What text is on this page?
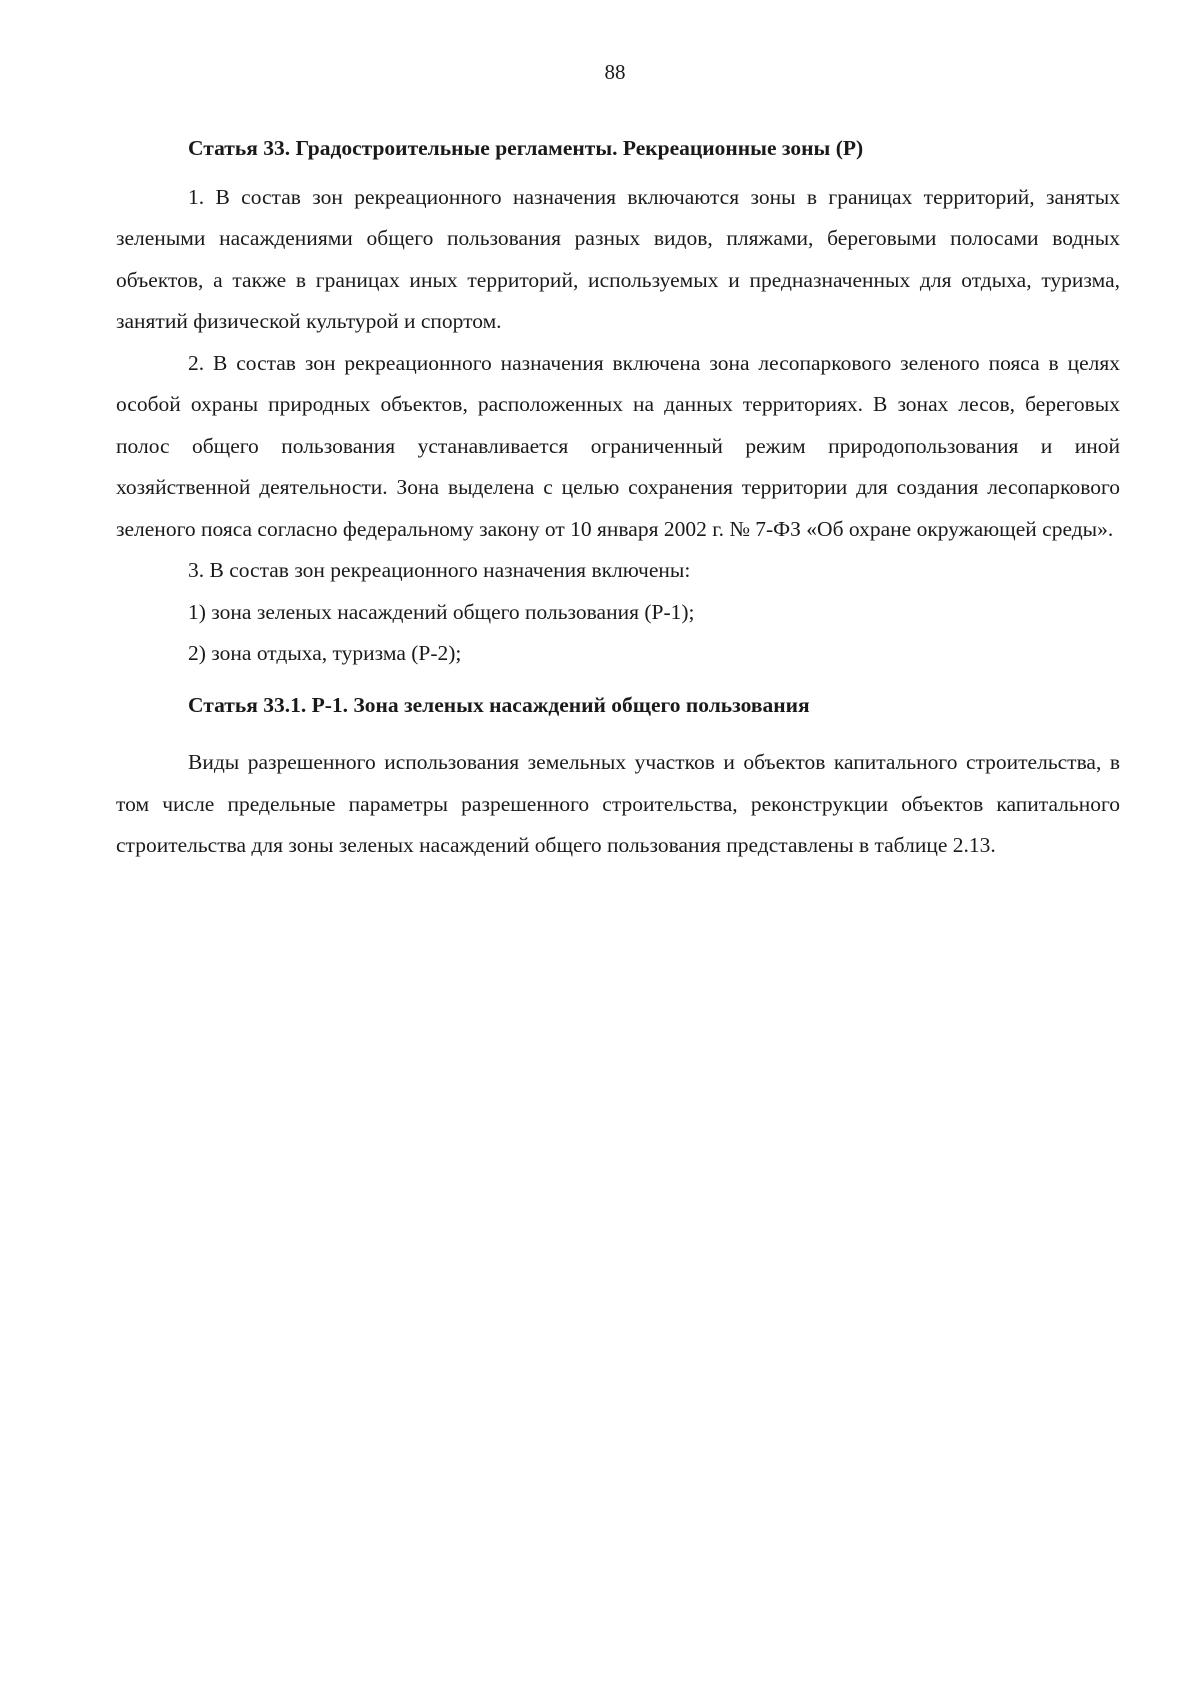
88

Статья 33. Градостроительные регламенты. Рекреационные зоны (Р)

1. В состав зон рекреационного назначения включаются зоны в границах территорий, занятых зелеными насаждениями общего пользования разных видов, пляжами, береговыми полосами водных объектов, а также в границах иных территорий, используемых и предназначенных для отдыха, туризма, занятий физической культурой и спортом.

2. В состав зон рекреационного назначения включена зона лесопаркового зеленого пояса в целях особой охраны природных объектов, расположенных на данных территориях. В зонах лесов, береговых полос общего пользования устанавливается ограниченный режим природопользования и иной хозяйственной деятельности. Зона выделена с целью сохранения территории для создания лесопаркового зеленого пояса согласно федеральному закону от 10 января 2002 г. № 7-ФЗ «Об охране окружающей среды».

3. В состав зон рекреационного назначения включены:

1) зона зеленых насаждений общего пользования (Р-1);

2) зона отдыха, туризма (Р-2);

Статья 33.1. Р-1. Зона зеленых насаждений общего пользования

Виды разрешенного использования земельных участков и объектов капитального строительства, в том числе предельные параметры разрешенного строительства, реконструкции объектов капитального строительства для зоны зеленых насаждений общего пользования представлены в таблице 2.13.
